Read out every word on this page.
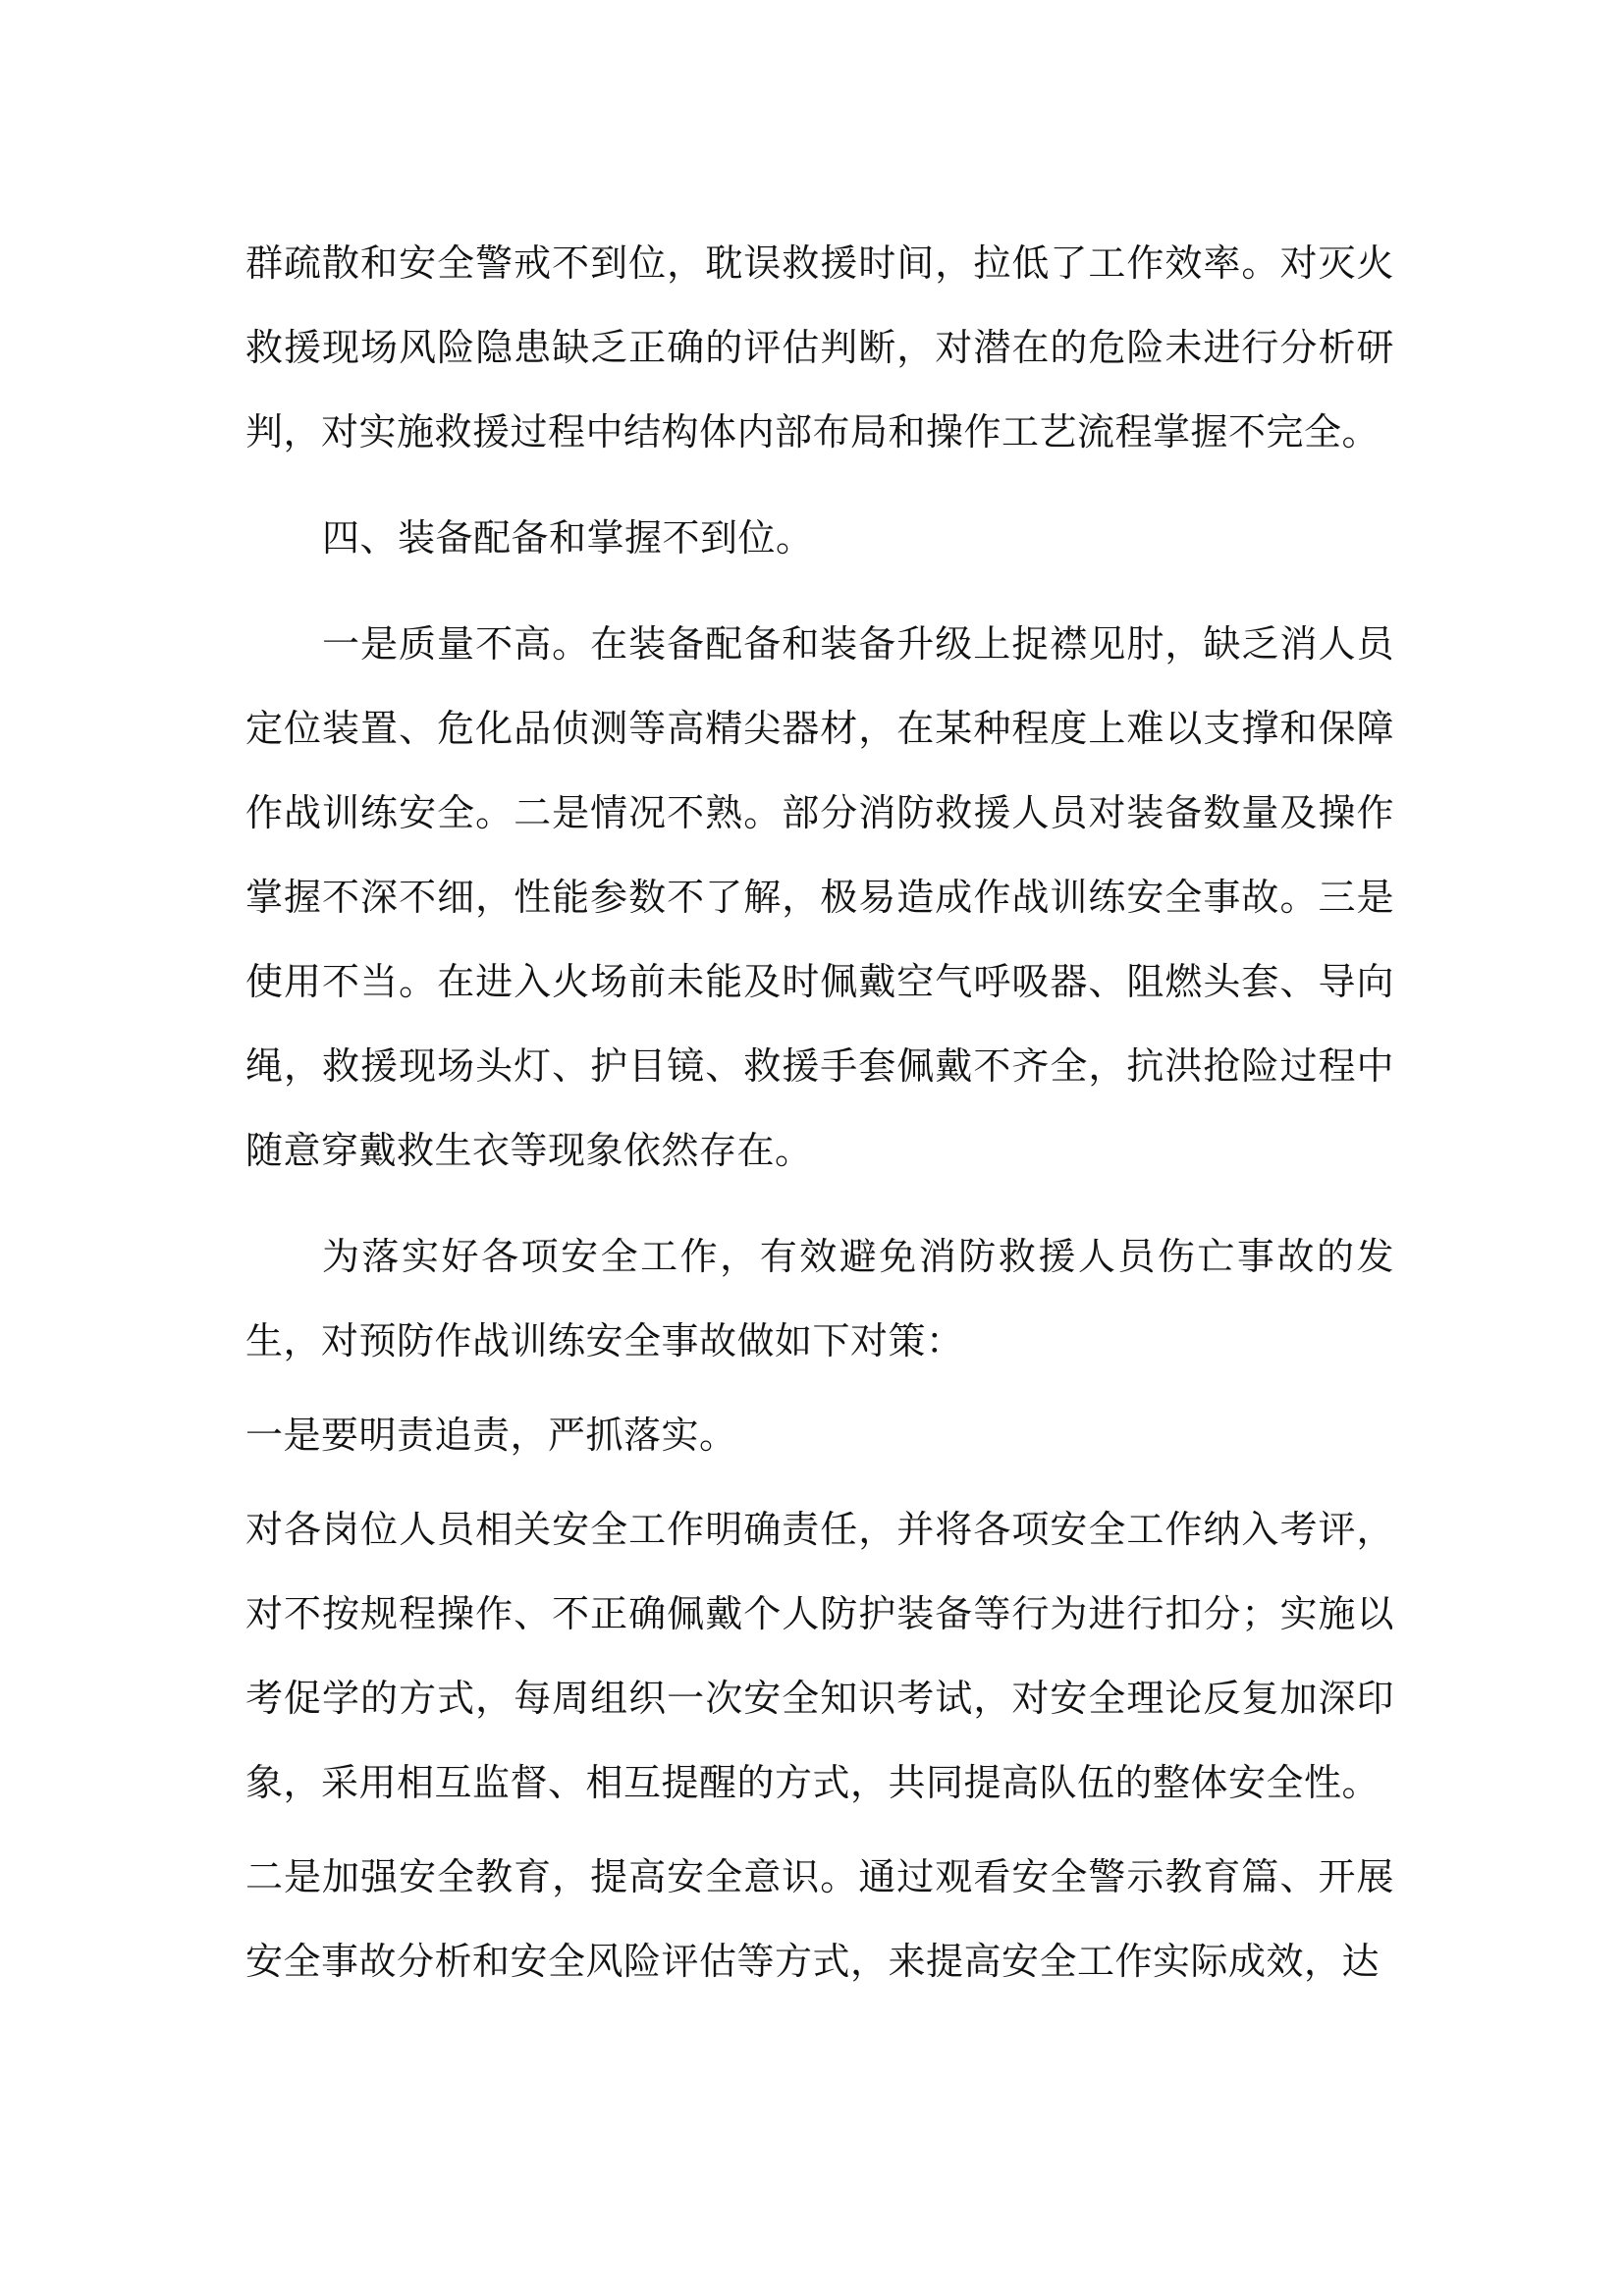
群疏散和安全警戒不到位，耽误救援时间，拉低了工作效率。对灭火救援现场风险隐患缺乏正确的评估判断，对潜在的危险未进行分析研判，对实施救援过程中结构体内部布局和操作工艺流程掌握不完全。

四、装备配备和掌握不到位。

一是质量不高。在装备配备和装备升级上捉襟见肘，缺乏消人员定位装置、危化品侦测等高精尖器材，在某种程度上难以支撑和保障作战训练安全。二是情况不熟。部分消防救援人员对装备数量及操作掌握不深不细，性能参数不了解，极易造成作战训练安全事故。三是使用不当。在进入火场前未能及时佩戴空气呼吸器、阻燃头套、导向绳，救援现场头灯、护目镜、救援手套佩戴不齐全，抗洪抢险过程中随意穿戴救生衣等现象依然存在。

为落实好各项安全工作，有效避免消防救援人员伤亡事故的发生，对预防作战训练安全事故做如下对策：

一是要明责追责，严抓落实。

对各岗位人员相关安全工作明确责任，并将各项安全工作纳入考评，对不按规程操作、不正确佩戴个人防护装备等行为进行扣分；实施以考促学的方式，每周组织一次安全知识考试，对安全理论反复加深印象，采用相互监督、相互提醒的方式，共同提高队伍的整体安全性。

二是加强安全教育，提高安全意识。通过观看安全警示教育篇、开展安全事故分析和安全风险评估等方式，来提高安全工作实际成效，达
